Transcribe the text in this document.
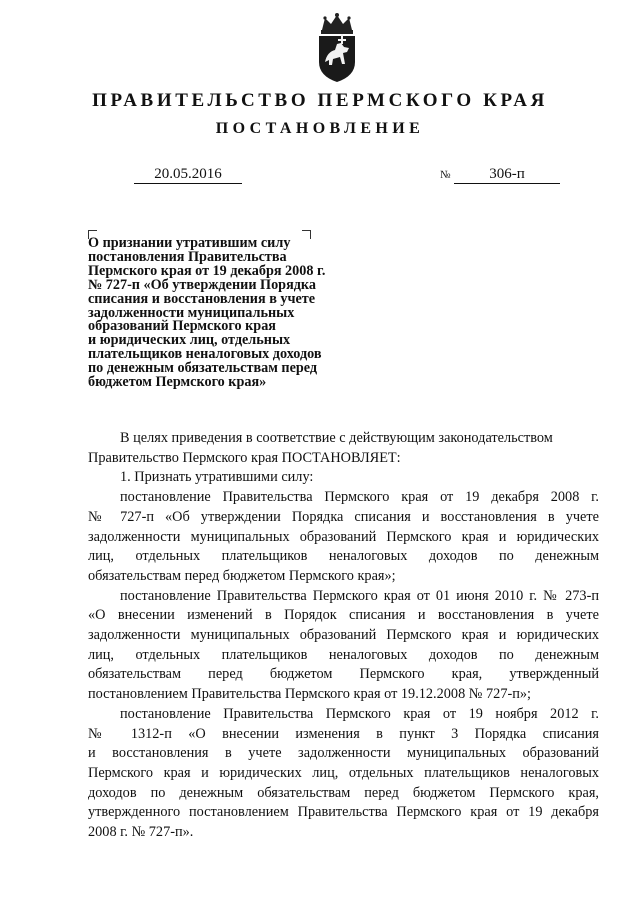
ПРАВИТЕЛЬСТВО ПЕРМСКОГО КРАЯ
ПОСТАНОВЛЕНИЕ
20.05.2016	№	306-п
О признании утратившим силу
постановления Правительства
Пермского края от 19 декабря 2008 г.
№ 727-п «Об утверждении Порядка
списания и восстановления в учете
задолженности муниципальных
образований Пермского края
и юридических лиц, отдельных
плательщиков неналоговых доходов
по денежным обязательствам перед
бюджетом Пермского края»
В целях приведения в соответствие с действующим законодательством
Правительство Пермского края ПОСТАНОВЛЯЕТ:
1. Признать утратившими силу:
постановление Правительства Пермского края от 19 декабря 2008 г.
№ 727-п «Об утверждении Порядка списания и восстановления в учете
задолженности муниципальных образований Пермского края и юридических
лиц, отдельных плательщиков неналоговых доходов по денежным
обязательствам перед бюджетом Пермского края»;
постановление Правительства Пермского края от 01 июня 2010 г. № 273-п
«О внесении изменений в Порядок списания и восстановления в учете
задолженности муниципальных образований Пермского края и юридических
лиц, отдельных плательщиков неналоговых доходов по денежным
обязательствам перед бюджетом Пермского края, утвержденный
постановлением Правительства Пермского края от 19.12.2008 № 727-п»;
постановление Правительства Пермского края от 19 ноября 2012 г.
№ 1312-п «О внесении изменения в пункт 3 Порядка списания
и восстановления в учете задолженности муниципальных образований
Пермского края и юридических лиц, отдельных плательщиков неналоговых
доходов по денежным обязательствам перед бюджетом Пермского края,
утвержденного постановлением Правительства Пермского края от 19 декабря
2008 г. № 727-п».
